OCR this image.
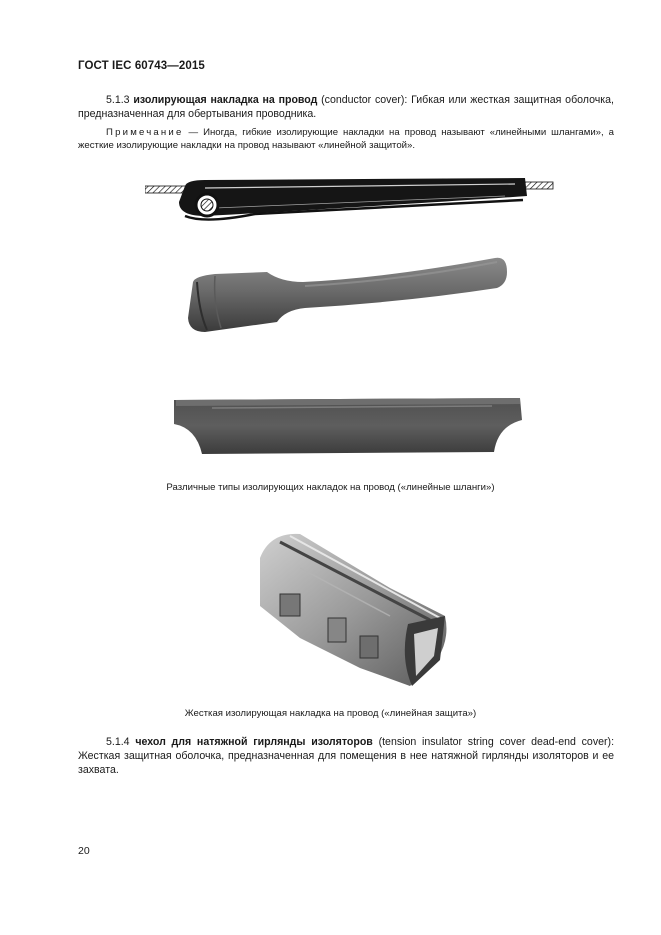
ГОСТ IEC 60743—2015
5.1.3 изолирующая накладка на провод (conductor cover): Гибкая или жесткая защитная оболочка, предназначенная для обертывания проводника.
Примечание — Иногда, гибкие изолирующие накладки на провод называют «линейными шлангами», а жесткие изолирующие накладки на провод называют «линейной защитой».
Различные типы изолирующих накладок на провод («линейные шланги»)
Жесткая изолирующая накладка на провод («линейная защита»)
5.1.4 чехол для натяжной гирлянды изоляторов (tension insulator string cover dead-end cover): Жесткая защитная оболочка, предназначенная для помещения в нее натяжной гирлянды изоляторов и ее захвата.
20
